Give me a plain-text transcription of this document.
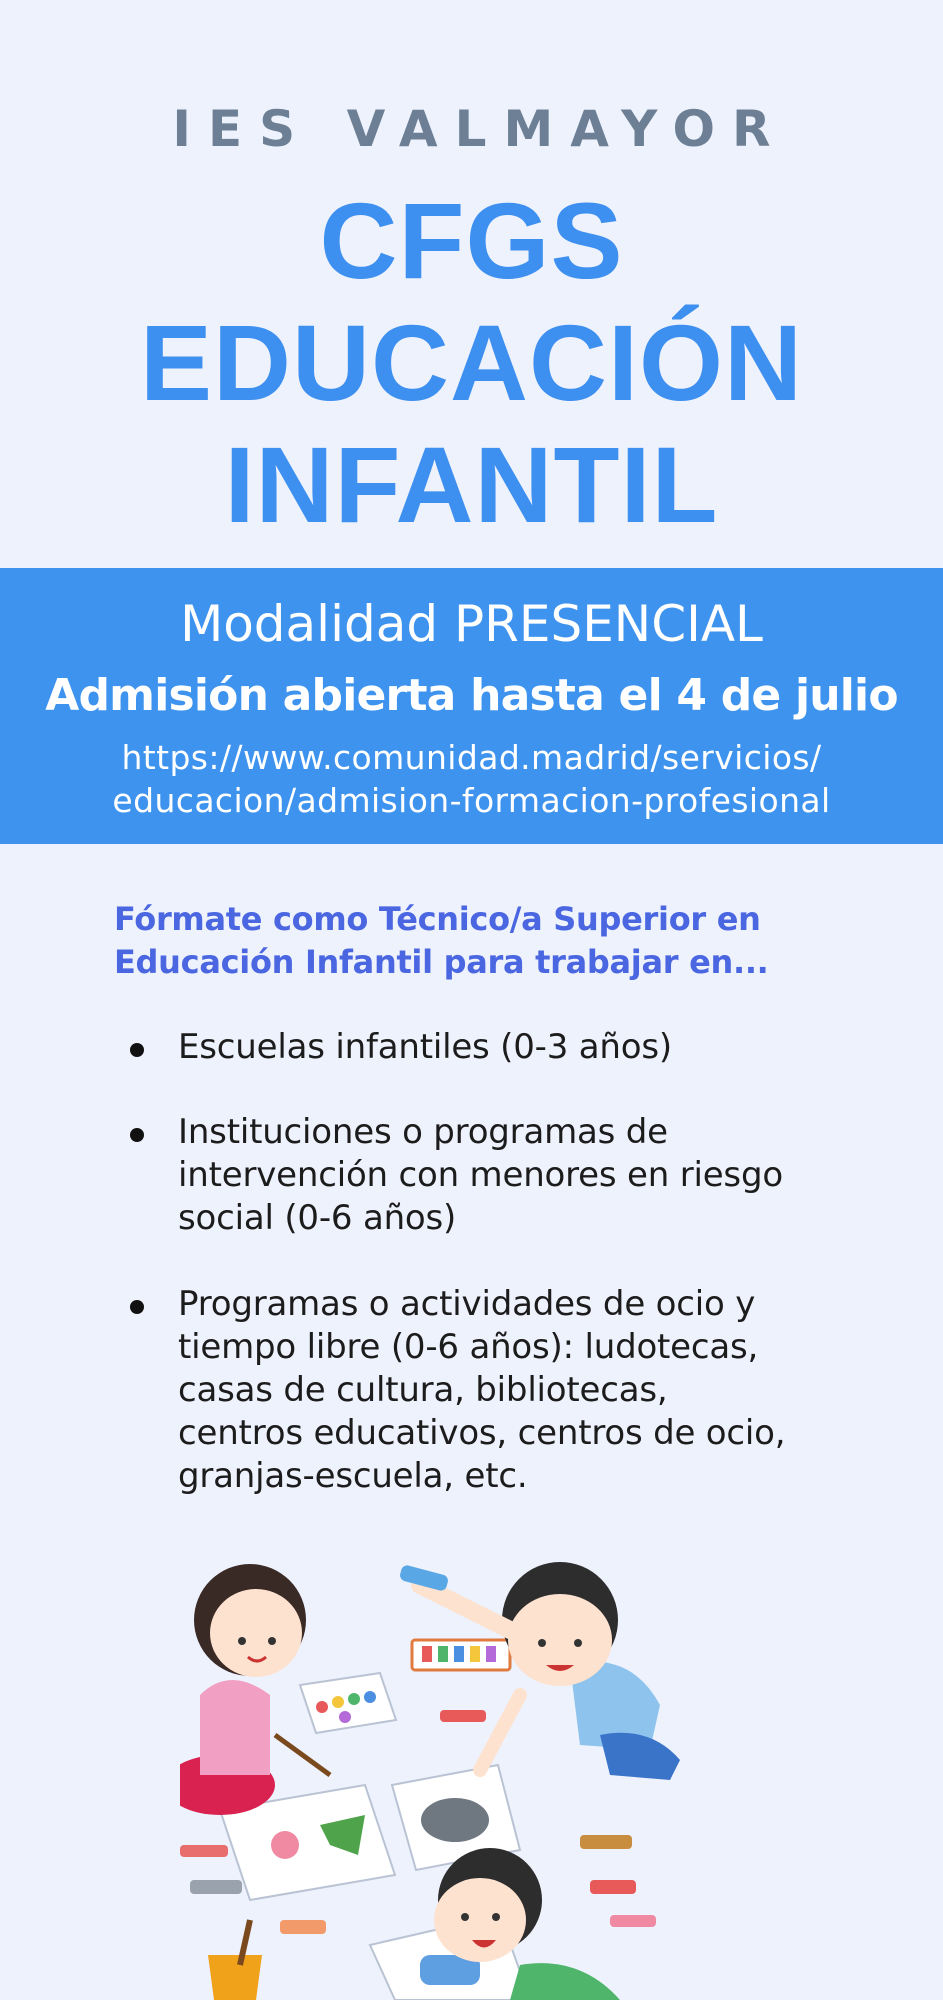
IES VALMAYOR
CFGS
EDUCACIÓN
INFANTIL
Modalidad PRESENCIAL
Admisión abierta hasta el 4 de julio
https://www.comunidad.madrid/servicios/
educacion/admision-formacion-profesional
Fórmate como Técnico/a Superior en
Educación Infantil para trabajar en...
Escuelas infantiles (0-3 años)
Instituciones o programas de
intervención con menores en riesgo
social (0-6 años)
Programas o actividades de ocio y
tiempo libre (0-6 años): ludotecas,
casas de cultura, bibliotecas,
centros educativos, centros de ocio,
granjas-escuela, etc.
